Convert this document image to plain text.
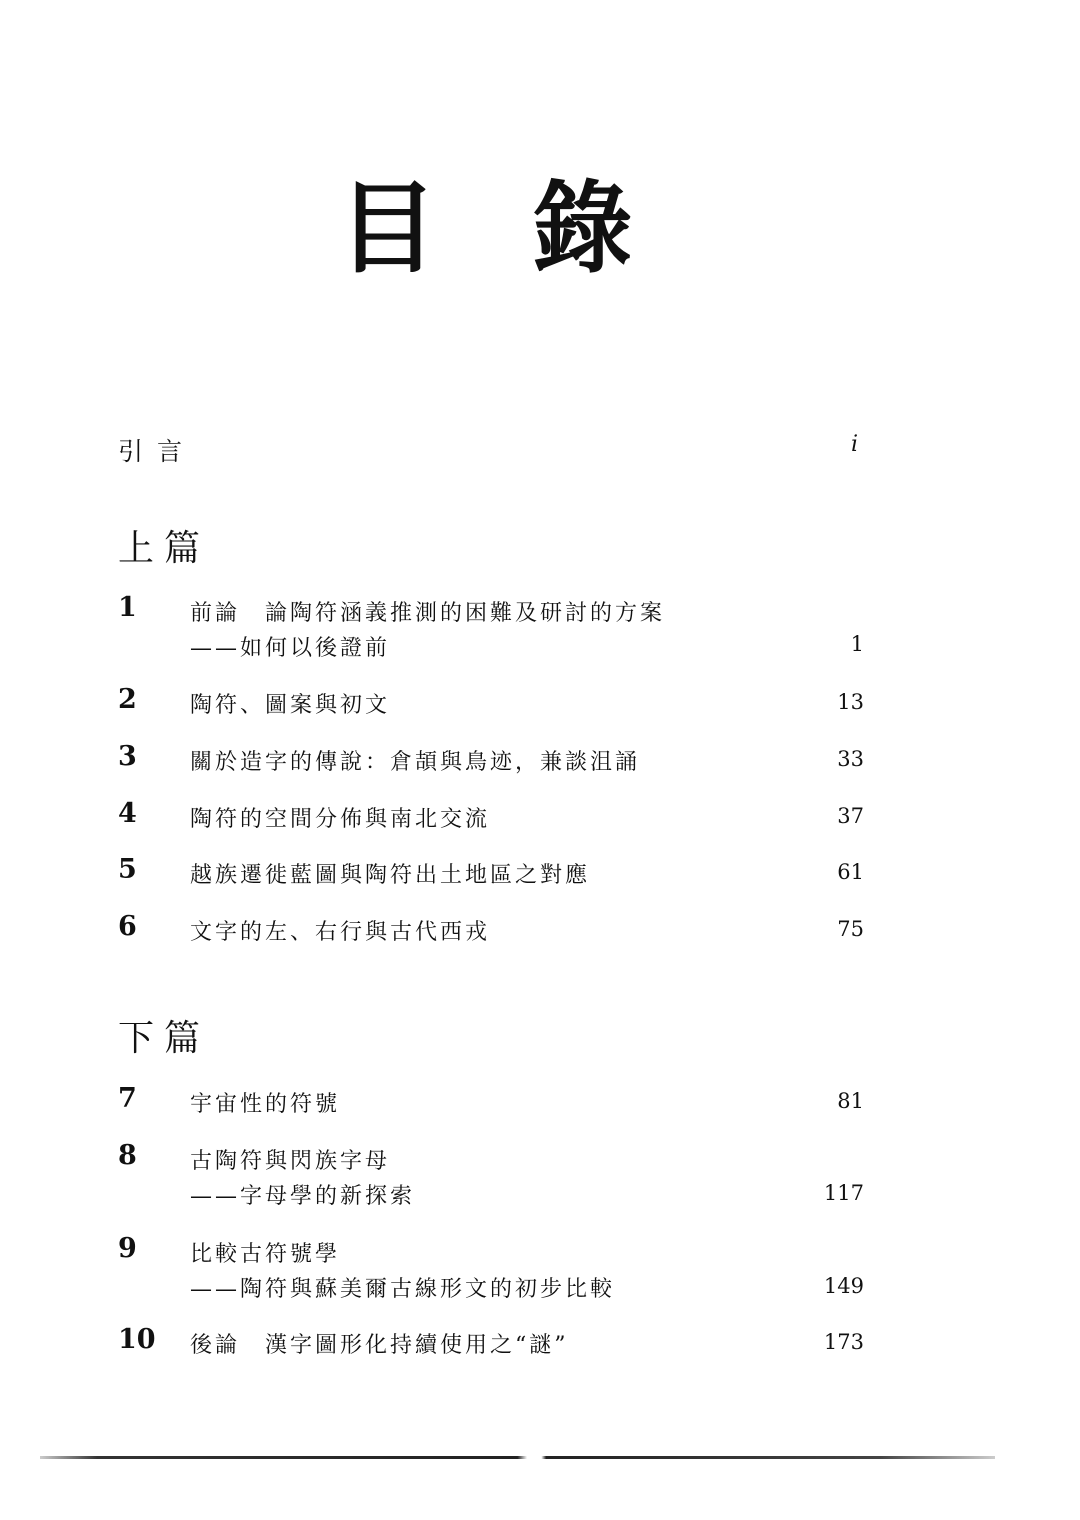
目 錄
引言	i
上篇
1 前論　論陶符涵義推測的困難及研討的方案
——如何以後證前	1
2 陶符、圖案與初文	13
3 關於造字的傳說：倉頡與鳥迹，兼談沮誦	33
4 陶符的空間分佈與南北交流	37
5 越族遷徙藍圖與陶符出土地區之對應	61
6 文字的左、右行與古代西戎	75
下篇
7 宇宙性的符號	81
8 古陶符與閃族字母
——字母學的新探索	117
9 比較古符號學
——陶符與蘇美爾古線形文的初步比較	149
10 後論　漢字圖形化持續使用之“謎”	173
